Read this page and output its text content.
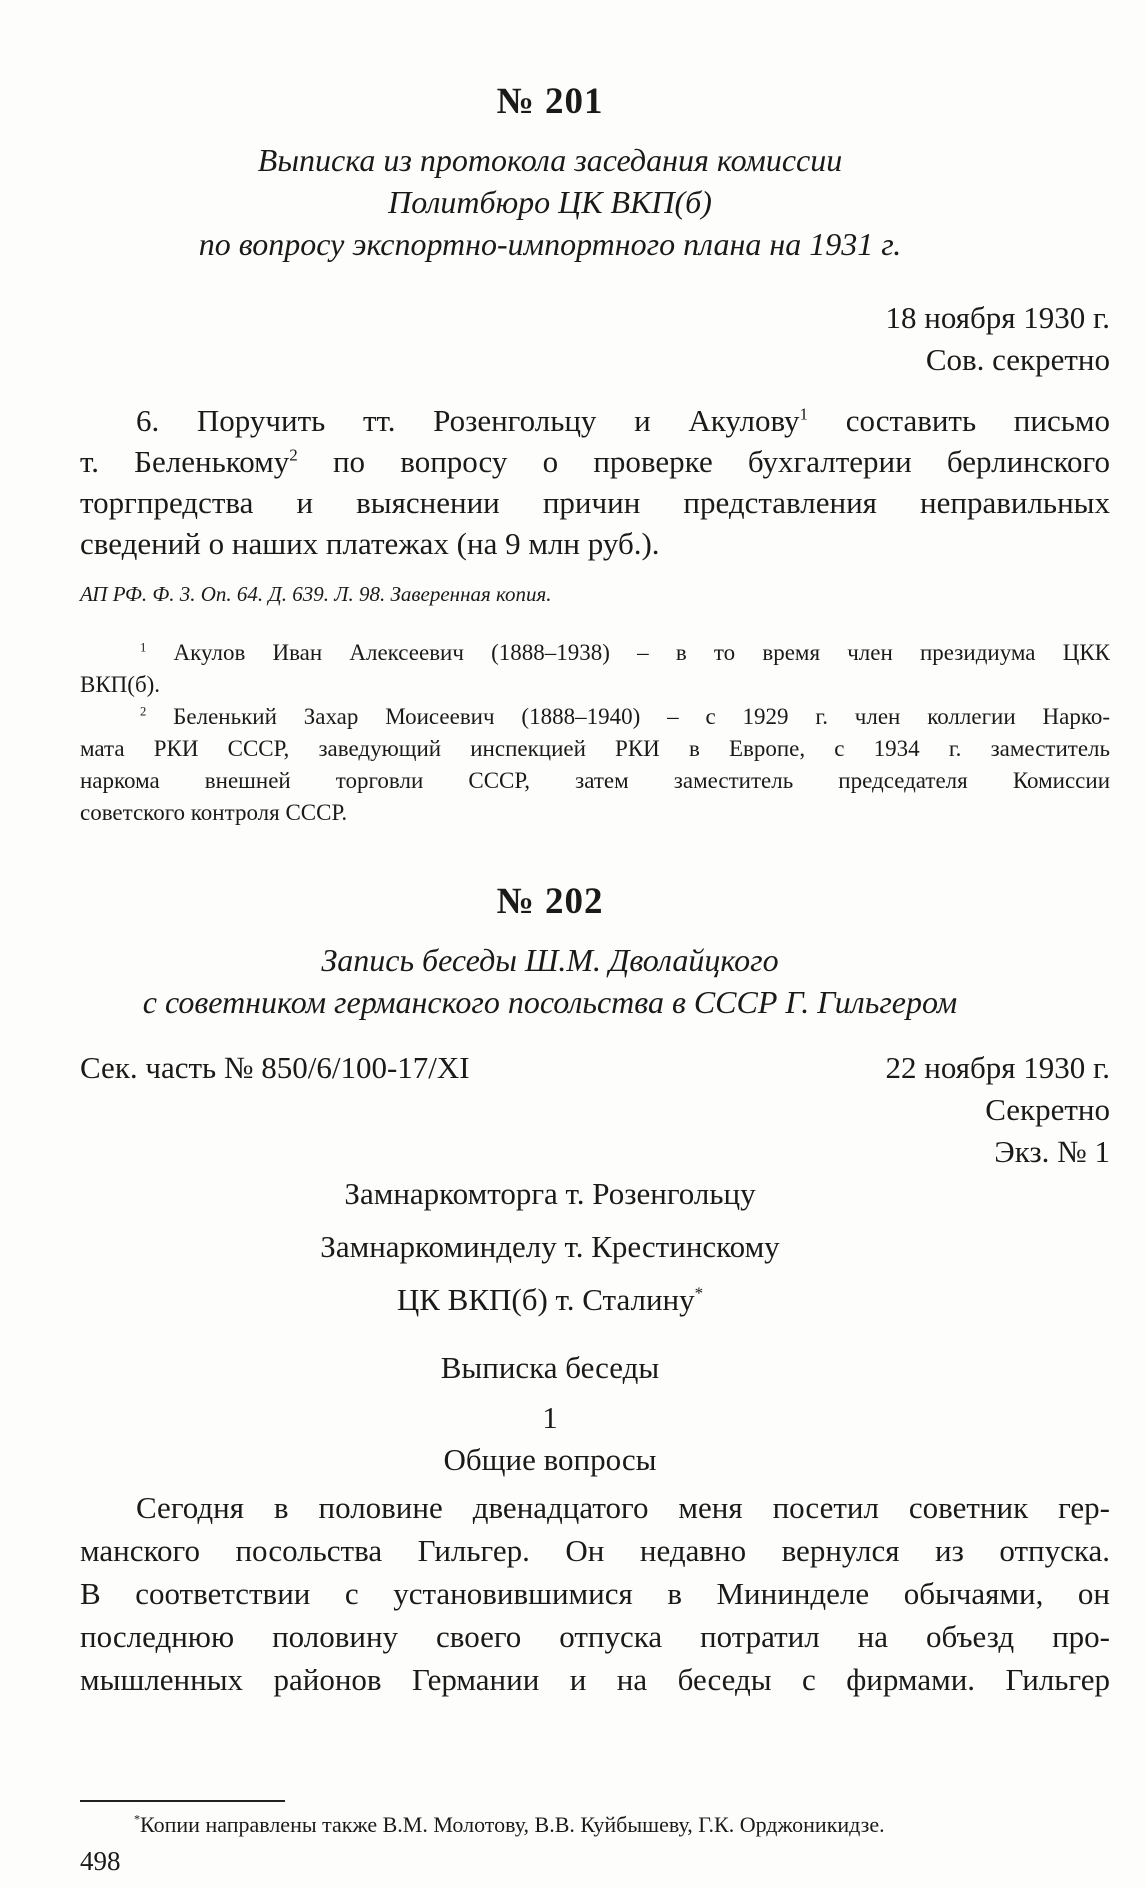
№ 201
Выписка из протокола заседания комиссии
Политбюро ЦК ВКП(б)
по вопросу экспортно-импортного плана на 1931 г.
18 ноября 1930 г.
Сов. секретно
6. Поручить тт. Розенгольцу и Акулову$^1$ составить письмо
т. Беленькому$^2$ по вопросу о проверке бухгалтерии берлинского
торгпредства и выяснении причин представления неправильных
сведений о наших платежах (на 9 млн руб.).
АП РФ. Ф. 3. Оп. 64. Д. 639. Л. 98. Заверенная копия.
$^1$ Акулов Иван Алексеевич (1888–1938) – в то время член президиума ЦКК
ВКП(б).
$^2$ Беленький Захар Моисеевич (1888–1940) – с 1929 г. член коллегии Нарко-
мата РКИ СССР, заведующий инспекцией РКИ в Европе, с 1934 г. заместитель
наркома внешней торговли СССР, затем заместитель председателя Комиссии
советского контроля СССР.
№ 202
Запись беседы Ш.М. Дволайцкого
с советником германского посольства в СССР Г. Гильгером
Сек. часть № 850/6/100-17/XI	22 ноября 1930 г.
Секретно
Экз. № 1
Замнаркомторга т. Розенгольцу
Замнаркоминделу т. Крестинскому
ЦК ВКП(б) т. Сталину*
Выписка беседы
1
Общие вопросы
Сегодня в половине двенадцатого меня посетил советник гер-
манского посольства Гильгер. Он недавно вернулся из отпуска.
В соответствии с установившимися в Мининделе обычаями, он
последнюю половину своего отпуска потратил на объезд про-
мышленных районов Германии и на беседы с фирмами. Гильгер
*Копии направлены также В.М. Молотову, В.В. Куйбышеву, Г.К. Орджоникидзе.
498
